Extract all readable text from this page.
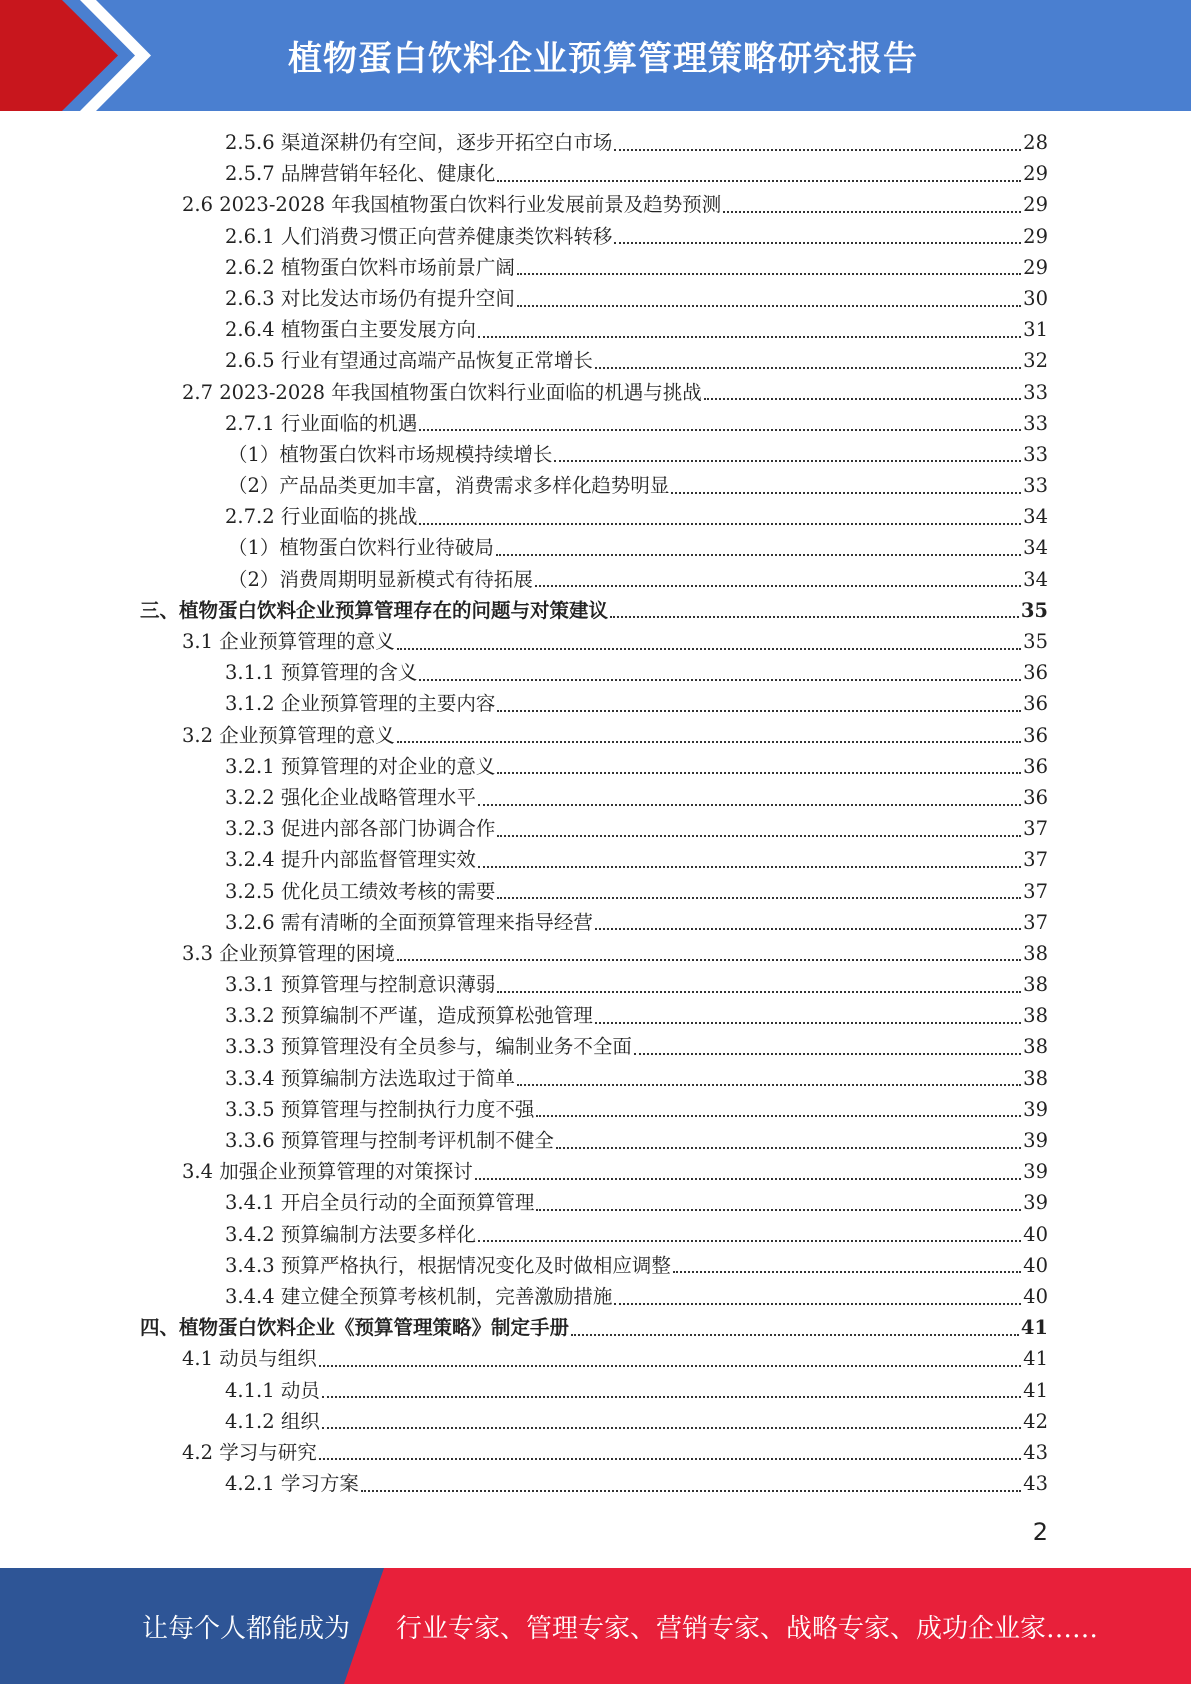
植物蛋白饮料企业预算管理策略研究报告
2.5.6 渠道深耕仍有空间，逐步开拓空白市场	28
2.5.7 品牌营销年轻化、健康化	29
2.6 2023-2028 年我国植物蛋白饮料行业发展前景及趋势预测	29
2.6.1 人们消费习惯正向营养健康类饮料转移	29
2.6.2 植物蛋白饮料市场前景广阔	29
2.6.3 对比发达市场仍有提升空间	30
2.6.4 植物蛋白主要发展方向	31
2.6.5 行业有望通过高端产品恢复正常增长	32
2.7 2023-2028 年我国植物蛋白饮料行业面临的机遇与挑战	33
2.7.1 行业面临的机遇	33
（1）植物蛋白饮料市场规模持续增长	33
（2）产品品类更加丰富，消费需求多样化趋势明显	33
2.7.2 行业面临的挑战	34
（1）植物蛋白饮料行业待破局	34
（2）消费周期明显新模式有待拓展	34
三、植物蛋白饮料企业预算管理存在的问题与对策建议	35
3.1 企业预算管理的意义	35
3.1.1 预算管理的含义	36
3.1.2 企业预算管理的主要内容	36
3.2 企业预算管理的意义	36
3.2.1 预算管理的对企业的意义	36
3.2.2 强化企业战略管理水平	36
3.2.3 促进内部各部门协调合作	37
3.2.4 提升内部监督管理实效	37
3.2.5 优化员工绩效考核的需要	37
3.2.6 需有清晰的全面预算管理来指导经营	37
3.3 企业预算管理的困境	38
3.3.1 预算管理与控制意识薄弱	38
3.3.2 预算编制不严谨，造成预算松弛管理	38
3.3.3 预算管理没有全员参与，编制业务不全面	38
3.3.4 预算编制方法选取过于简单	38
3.3.5 预算管理与控制执行力度不强	39
3.3.6 预算管理与控制考评机制不健全	39
3.4 加强企业预算管理的对策探讨	39
3.4.1 开启全员行动的全面预算管理	39
3.4.2 预算编制方法要多样化	40
3.4.3 预算严格执行，根据情况变化及时做相应调整	40
3.4.4 建立健全预算考核机制，完善激励措施	40
四、植物蛋白饮料企业《预算管理策略》制定手册	41
4.1 动员与组织	41
4.1.1 动员	41
4.1.2 组织	42
4.2 学习与研究	43
4.2.1 学习方案	43
2
让每个人都能成为 行业专家、管理专家、营销专家、战略专家、成功企业家……
